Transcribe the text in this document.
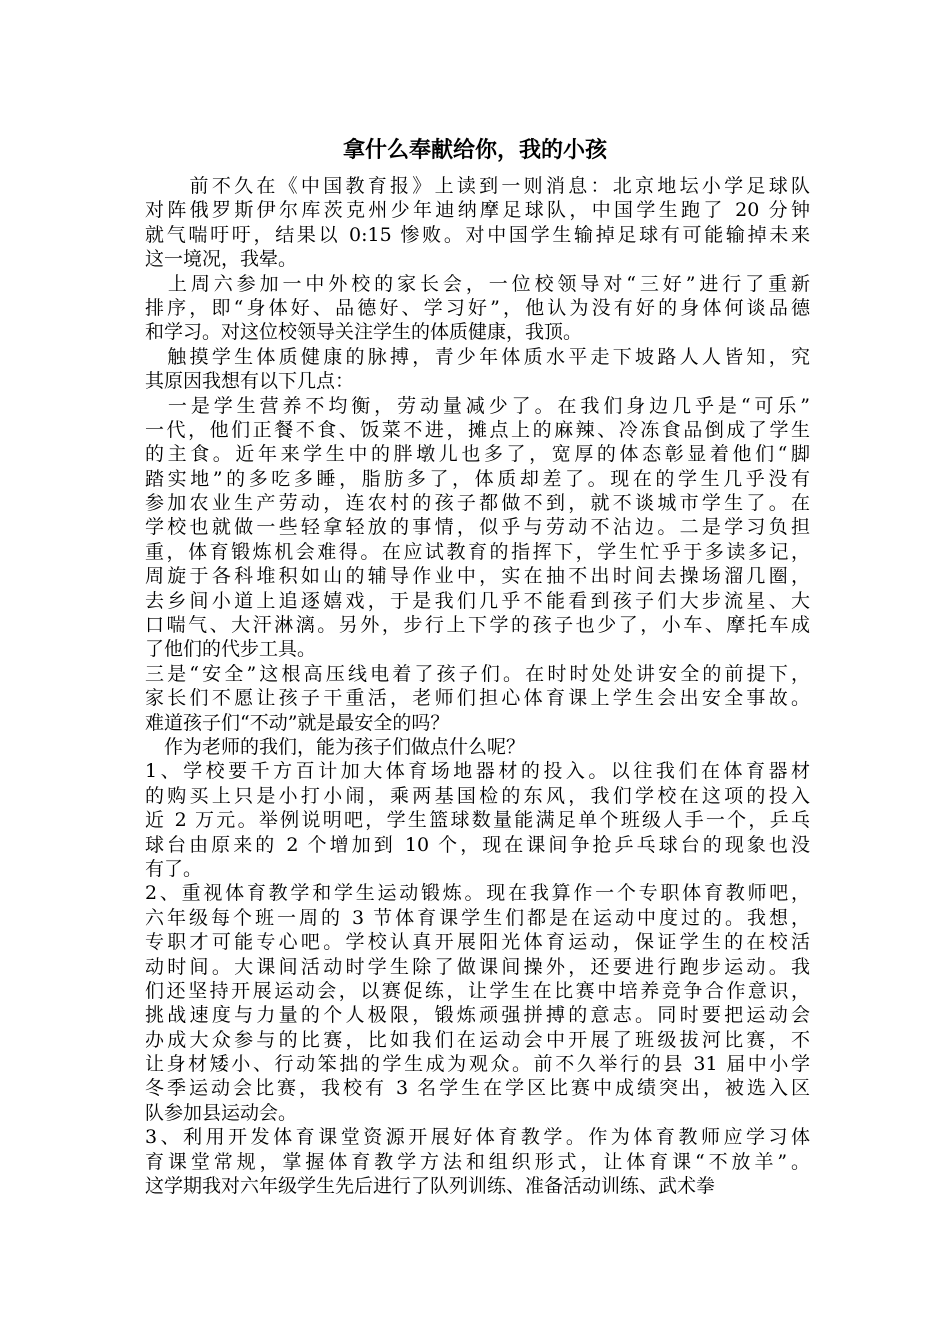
拿什么奉献给你，我的小孩
　　前不久在《中国教育报》上读到一则消息：北京地坛小学足球队
对阵俄罗斯伊尔库茨克州少年迪纳摩足球队，中国学生跑了 20 分钟
就气喘吁吁，结果以 0:15 惨败。对中国学生输掉足球有可能输掉未来
这一境况，我晕。
　上周六参加一中外校的家长会，一位校领导对“三好”进行了重新
排序，即“身体好、品德好、学习好”，他认为没有好的身体何谈品德
和学习。对这位校领导关注学生的体质健康，我顶。
　触摸学生体质健康的脉搏，青少年体质水平走下坡路人人皆知，究
其原因我想有以下几点：
　一是学生营养不均衡，劳动量减少了。在我们身边几乎是“可乐”
一代，他们正餐不食、饭菜不进，摊点上的麻辣、冷冻食品倒成了学生
的主食。近年来学生中的胖墩儿也多了，宽厚的体态彰显着他们“脚
踏实地”的多吃多睡，脂肪多了，体质却差了。现在的学生几乎没有
参加农业生产劳动，连农村的孩子都做不到，就不谈城市学生了。在
学校也就做一些轻拿轻放的事情，似乎与劳动不沾边。二是学习负担
重，体育锻炼机会难得。在应试教育的指挥下，学生忙乎于多读多记，
周旋于各科堆积如山的辅导作业中，实在抽不出时间去操场溜几圈，
去乡间小道上追逐嬉戏，于是我们几乎不能看到孩子们大步流星、大
口喘气、大汗淋漓。另外，步行上下学的孩子也少了，小车、摩托车成
了他们的代步工具。
三是“安全”这根高压线电着了孩子们。在时时处处讲安全的前提下，
家长们不愿让孩子干重活，老师们担心体育课上学生会出安全事故。
难道孩子们“不动”就是最安全的吗？
　作为老师的我们，能为孩子们做点什么呢？
1、学校要千方百计加大体育场地器材的投入。以往我们在体育器材
的购买上只是小打小闹，乘两基国检的东风，我们学校在这项的投入
近 2 万元。举例说明吧，学生篮球数量能满足单个班级人手一个，乒乓
球台由原来的 2 个增加到 10 个，现在课间争抢乒乓球台的现象也没
有了。
2、重视体育教学和学生运动锻炼。现在我算作一个专职体育教师吧，
六年级每个班一周的 3 节体育课学生们都是在运动中度过的。我想，
专职才可能专心吧。学校认真开展阳光体育运动，保证学生的在校活
动时间。大课间活动时学生除了做课间操外，还要进行跑步运动。我
们还坚持开展运动会，以赛促练，让学生在比赛中培养竞争合作意识，
挑战速度与力量的个人极限，锻炼顽强拼搏的意志。同时要把运动会
办成大众参与的比赛，比如我们在运动会中开展了班级拔河比赛，不
让身材矮小、行动笨拙的学生成为观众。前不久举行的县 31 届中小学
冬季运动会比赛，我校有 3 名学生在学区比赛中成绩突出，被选入区
队参加县运动会。
3、利用开发体育课堂资源开展好体育教学。作为体育教师应学习体
育课堂常规，掌握体育教学方法和组织形式，让体育课“不放羊”。
这学期我对六年级学生先后进行了队列训练、准备活动训练、武术拳
